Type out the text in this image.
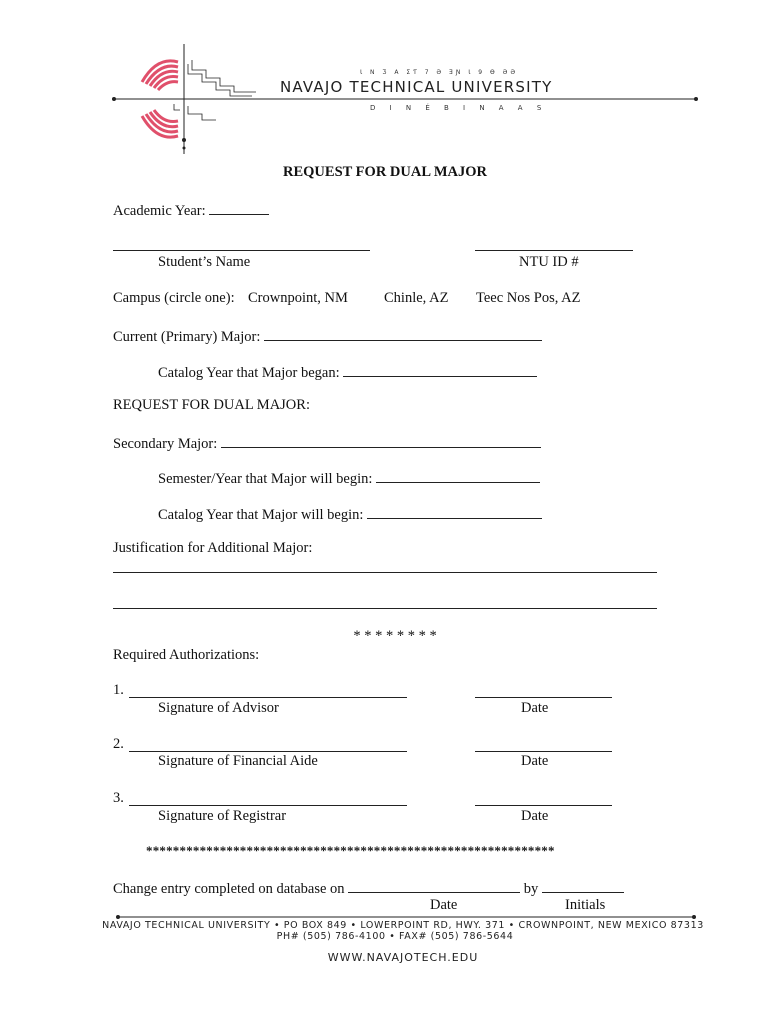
Ɩ N Ʒ A ƩƬ 7 Ə ƎƝ Ɩ 9 Ɵ ƏƏ
NAVAJO TECHNICAL UNIVERSITY
D I N É B I N A A S
REQUEST FOR DUAL MAJOR
Academic Year:
Student’s Name	NTU ID #
Campus (circle one): Crownpoint, NM Chinle, AZ Teec Nos Pos, AZ
Current (Primary) Major:
Catalog Year that Major began:
REQUEST FOR DUAL MAJOR:
Secondary Major:
Semester/Year that Major will begin:
Catalog Year that Major will begin:
Justification for Additional Major:
* * * * * * * *
Required Authorizations:
1.
Signature of Advisor	Date
2.
Signature of Financial Aide	Date
3.
Signature of Registrar	Date
*************************************************************
Change entry completed on database on	by
Date	Initials
NAVAJO TECHNICAL UNIVERSITY • PO BOX 849 • LOWERPOINT RD, HWY. 371 • CROWNPOINT, NEW MEXICO 87313
PH# (505) 786-4100 • FAX# (505) 786-5644
WWW.NAVAJOTECH.EDU
